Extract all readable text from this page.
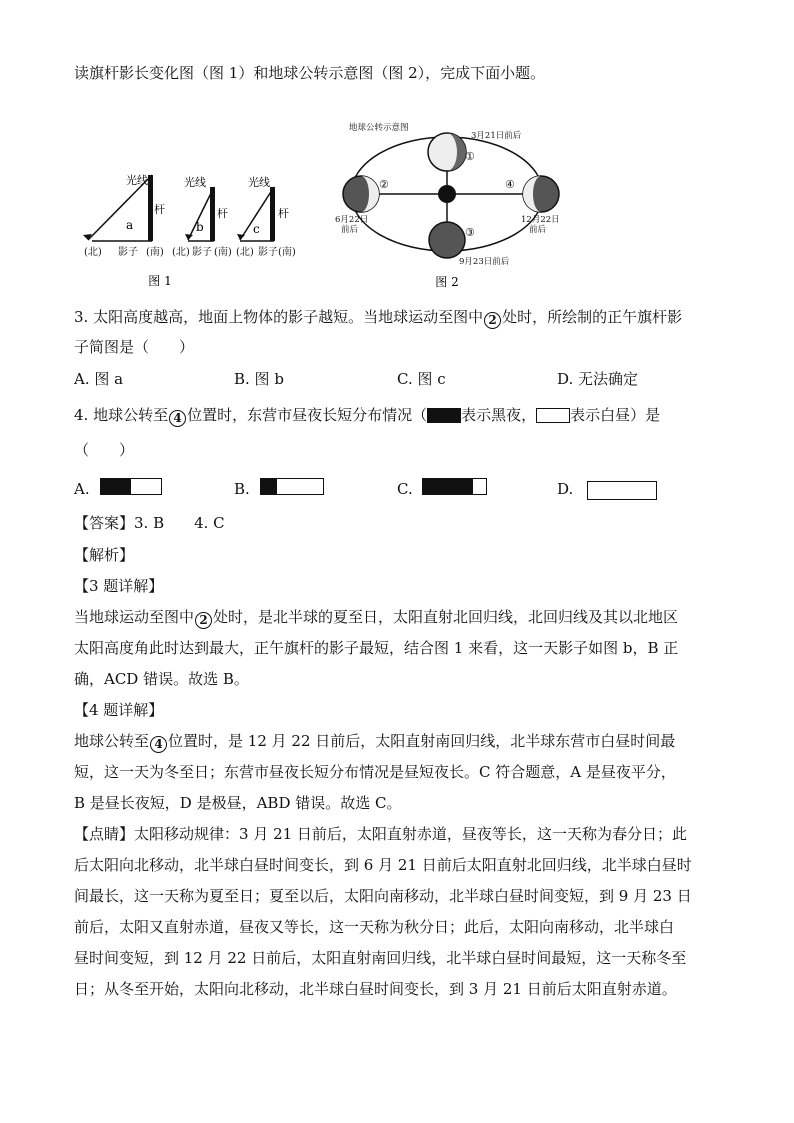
读旗杆影长变化图（图 1）和地球公转示意图（图 2），完成下面小题。
光线
杆
a
光线
杆
b
光线
杆
c
(北) 影子 (南) (北) 影子 (南) (北) 影子 (南)
图 1
地球公转示意图
3月21日前后
6月22日
前后
12月22日
前后
9月23日前后
①
②
③
④
图 2
3. 太阳高度越高，地面上物体的影子越短。当地球运动至图中 2 处时，所绘制的正午旗杆影
子简图是（　　）
A. 图 a	B. 图 b	C. 图 c	D. 无法确定
4. 地球公转至 4 位置时，东营市昼夜长短分布情况（ 表示黑夜， 表示白昼）是
（　　）
A.	B.	C.	D.
【答案】3. B　　4. C
【解析】
【3 题详解】
当地球运动至图中 2 处时，是北半球的夏至日，太阳直射北回归线，北回归线及其以北地区
太阳高度角此时达到最大，正午旗杆的影子最短，结合图 1 来看，这一天影子如图 b，B 正
确，ACD 错误。故选 B。
【4 题详解】
地球公转至 4 位置时，是 12 月 22 日前后，太阳直射南回归线，北半球东营市白昼时间最
短，这一天为冬至日；东营市昼夜长短分布情况是昼短夜长。C 符合题意，A 是昼夜平分，
B 是昼长夜短，D 是极昼，ABD 错误。故选 C。
【点睛】太阳移动规律：3 月 21 日前后，太阳直射赤道，昼夜等长，这一天称为春分日；此
后太阳向北移动，北半球白昼时间变长，到 6 月 21 日前后太阳直射北回归线，北半球白昼时
间最长，这一天称为夏至日；夏至以后，太阳向南移动，北半球白昼时间变短，到 9 月 23 日
前后，太阳又直射赤道，昼夜又等长，这一天称为秋分日；此后，太阳向南移动，北半球白
昼时间变短，到 12 月 22 日前后，太阳直射南回归线，北半球白昼时间最短，这一天称冬至
日；从冬至开始，太阳向北移动，北半球白昼时间变长，到 3 月 21 日前后太阳直射赤道。
